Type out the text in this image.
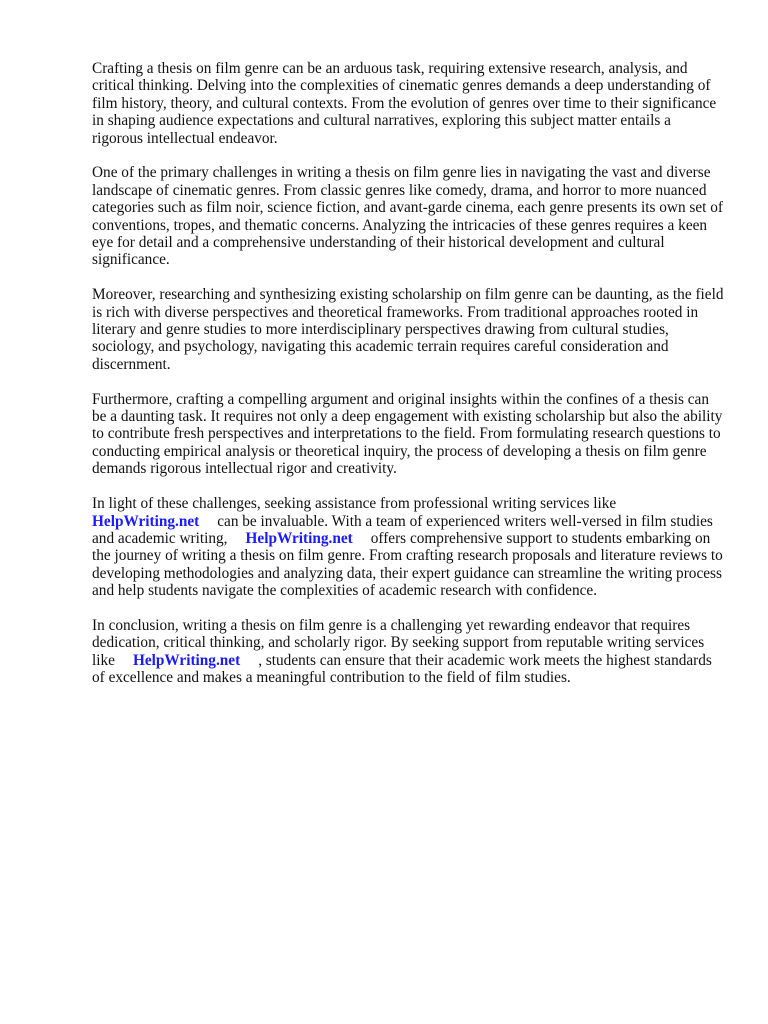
Crafting a thesis on film genre can be an arduous task, requiring extensive research, analysis, and critical thinking. Delving into the complexities of cinematic genres demands a deep understanding of film history, theory, and cultural contexts. From the evolution of genres over time to their significance in shaping audience expectations and cultural narratives, exploring this subject matter entails a rigorous intellectual endeavor.

One of the primary challenges in writing a thesis on film genre lies in navigating the vast and diverse landscape of cinematic genres. From classic genres like comedy, drama, and horror to more nuanced categories such as film noir, science fiction, and avant-garde cinema, each genre presents its own set of conventions, tropes, and thematic concerns. Analyzing the intricacies of these genres requires a keen eye for detail and a comprehensive understanding of their historical development and cultural significance.

Moreover, researching and synthesizing existing scholarship on film genre can be daunting, as the field is rich with diverse perspectives and theoretical frameworks. From traditional approaches rooted in literary and genre studies to more interdisciplinary perspectives drawing from cultural studies, sociology, and psychology, navigating this academic terrain requires careful consideration and discernment.

Furthermore, crafting a compelling argument and original insights within the confines of a thesis can be a daunting task. It requires not only a deep engagement with existing scholarship but also the ability to contribute fresh perspectives and interpretations to the field. From formulating research questions to conducting empirical analysis or theoretical inquiry, the process of developing a thesis on film genre demands rigorous intellectual rigor and creativity.

In light of these challenges, seeking assistance from professional writing services like
HelpWriting.net can be invaluable. With a team of experienced writers well-versed in film studies and academic writing, HelpWriting.net offers comprehensive support to students embarking on the journey of writing a thesis on film genre. From crafting research proposals and literature reviews to developing methodologies and analyzing data, their expert guidance can streamline the writing process and help students navigate the complexities of academic research with confidence.

In conclusion, writing a thesis on film genre is a challenging yet rewarding endeavor that requires dedication, critical thinking, and scholarly rigor. By seeking support from reputable writing services like HelpWriting.net , students can ensure that their academic work meets the highest standards of excellence and makes a meaningful contribution to the field of film studies.
